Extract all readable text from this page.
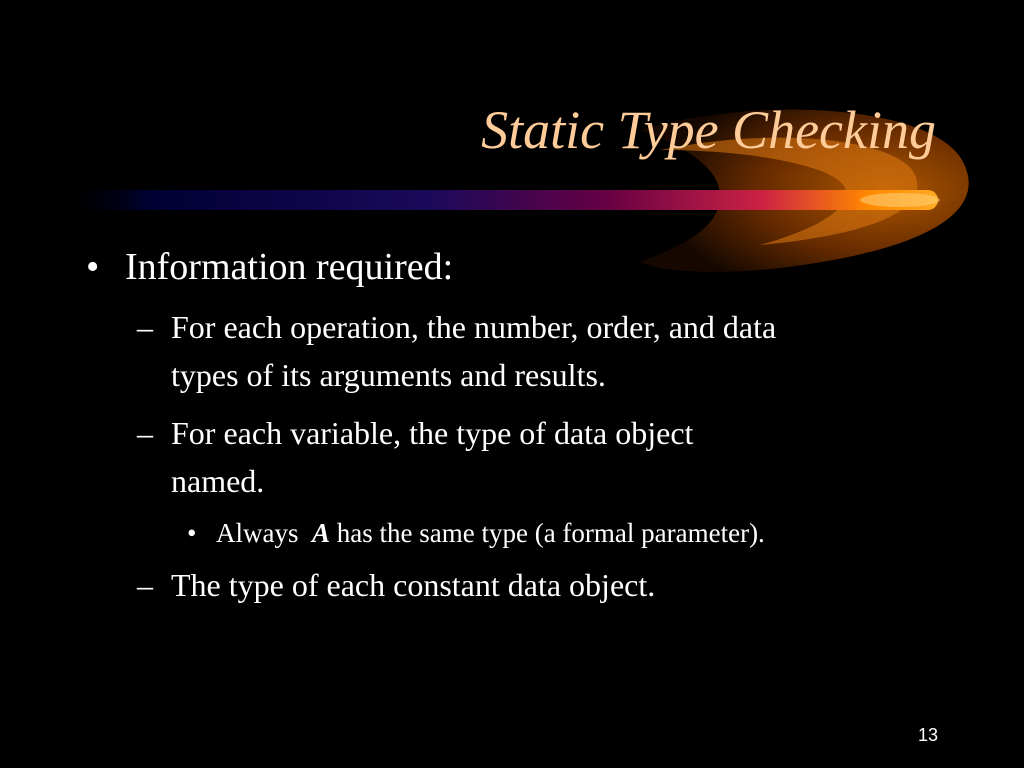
Static Type Checking
• Information required:

– For each operation, the number, order, and data

types of its arguments and results.

– For each variable, the type of data object

named.

• Always A has the same type (a formal parameter).

– The type of each constant data object.

13
